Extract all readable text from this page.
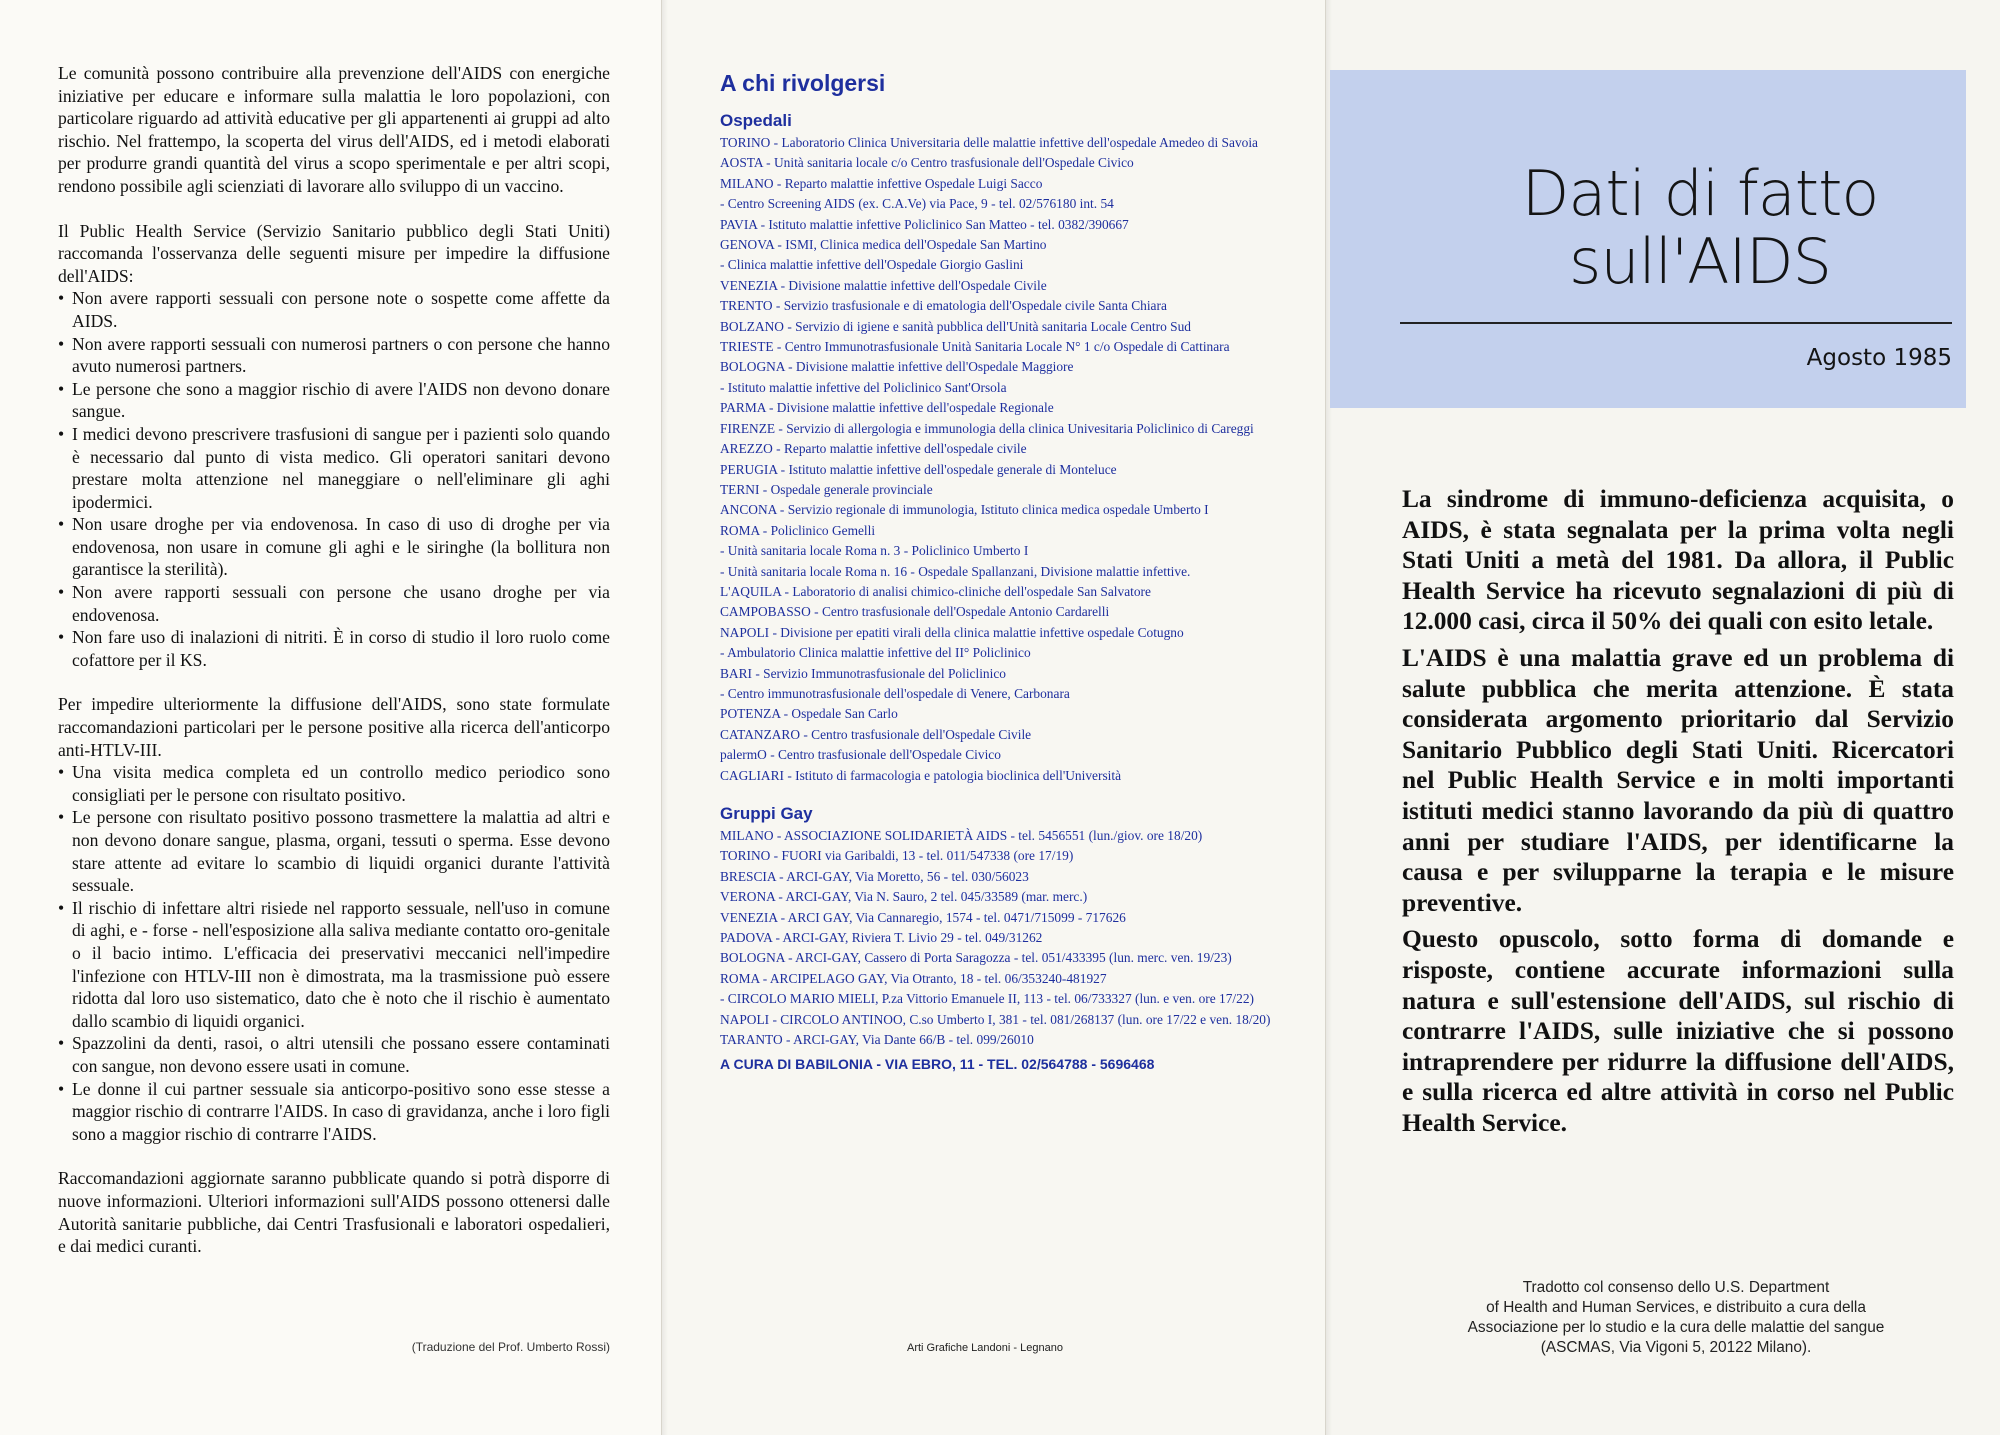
Le comunità possono contribuire alla prevenzione dell'AIDS con energiche iniziative per educare e informare sulla malattia le loro popolazioni, con particolare riguardo ad attività educative per gli appartenenti ai gruppi ad alto rischio. Nel frattempo, la scoperta del virus dell'AIDS, ed i metodi elaborati per produrre grandi quantità del virus a scopo sperimentale e per altri scopi, rendono possibile agli scienziati di lavorare allo sviluppo di un vaccino.

Il Public Health Service (Servizio Sanitario pubblico degli Stati Uniti) raccomanda l'osservanza delle seguenti misure per impedire la diffusione dell'AIDS:

• Non avere rapporti sessuali con persone note o sospette come affette da AIDS.
• Non avere rapporti sessuali con numerosi partners o con persone che hanno avuto numerosi partners.
• Le persone che sono a maggior rischio di avere l'AIDS non devono donare sangue.
• I medici devono prescrivere trasfusioni di sangue per i pazienti solo quando è necessario dal punto di vista medico. Gli operatori sanitari devono prestare molta attenzione nel maneggiare o nell'eliminare gli aghi ipodermici.
• Non usare droghe per via endovenosa. In caso di uso di droghe per via endovenosa, non usare in comune gli aghi e le siringhe (la bollitura non garantisce la sterilità).
• Non avere rapporti sessuali con persone che usano droghe per via endovenosa.
• Non fare uso di inalazioni di nitriti. È in corso di studio il loro ruolo come cofattore per il KS.

Per impedire ulteriormente la diffusione dell'AIDS, sono state formulate raccomandazioni particolari per le persone positive alla ricerca dell'anticorpo anti-HTLV-III.

• Una visita medica completa ed un controllo medico periodico sono consigliati per le persone con risultato positivo.
• Le persone con risultato positivo possono trasmettere la malattia ad altri e non devono donare sangue, plasma, organi, tessuti o sperma. Esse devono stare attente ad evitare lo scambio di liquidi organici durante l'attività sessuale.
• Il rischio di infettare altri risiede nel rapporto sessuale, nell'uso in comune di aghi, e - forse - nell'esposizione alla saliva mediante contatto oro-genitale o il bacio intimo. L'efficacia dei preservativi meccanici nell'impedire l'infezione con HTLV-III non è dimostrata, ma la trasmissione può essere ridotta dal loro uso sistematico, dato che è noto che il rischio è aumentato dallo scambio di liquidi organici.
• Spazzolini da denti, rasoi, o altri utensili che possano essere contaminati con sangue, non devono essere usati in comune.
• Le donne il cui partner sessuale sia anticorpo-positivo sono esse stesse a maggior rischio di contrarre l'AIDS. In caso di gravidanza, anche i loro figli sono a maggior rischio di contrarre l'AIDS.

Raccomandazioni aggiornate saranno pubblicate quando si potrà disporre di nuove informazioni. Ulteriori informazioni sull'AIDS possono ottenersi dalle Autorità sanitarie pubbliche, dai Centri Trasfusionali e laboratori ospedalieri, e dai medici curanti.

(Traduzione del Prof. Umberto Rossi)
A chi rivolgersi
Ospedali
TORINO - Laboratorio Clinica Universitaria delle malattie infettive dell'ospedale Amedeo di Savoia
AOSTA - Unità sanitaria locale c/o Centro trasfusionale dell'Ospedale Civico
MILANO - Reparto malattie infettive Ospedale Luigi Sacco
- Centro Screening AIDS (ex. C.A.Ve) via Pace, 9 - tel. 02/576180 int. 54
PAVIA - Istituto malattie infettive Policlinico San Matteo - tel. 0382/390667
GENOVA - ISMI, Clinica medica dell'Ospedale San Martino
- Clinica malattie infettive dell'Ospedale Giorgio Gaslini
VENEZIA - Divisione malattie infettive dell'Ospedale Civile
TRENTO - Servizio trasfusionale e di ematologia dell'Ospedale civile Santa Chiara
BOLZANO - Servizio di igiene e sanità pubblica dell'Unità sanitaria Locale Centro Sud
TRIESTE - Centro Immunotrasfusionale Unità Sanitaria Locale N° 1 c/o Ospedale di Cattinara
BOLOGNA - Divisione malattie infettive dell'Ospedale Maggiore
- Istituto malattie infettive del Policlinico Sant'Orsola
PARMA - Divisione malattie infettive dell'ospedale Regionale
FIRENZE - Servizio di allergologia e immunologia della clinica Univesitaria Policlinico di Careggi
AREZZO - Reparto malattie infettive dell'ospedale civile
PERUGIA - Istituto malattie infettive dell'ospedale generale di Monteluce
TERNI - Ospedale generale provinciale
ANCONA - Servizio regionale di immunologia, Istituto clinica medica ospedale Umberto I
ROMA - Policlinico Gemelli
- Unità sanitaria locale Roma n. 3 - Policlinico Umberto I
- Unità sanitaria locale Roma n. 16 - Ospedale Spallanzani, Divisione malattie infettive.
L'AQUILA - Laboratorio di analisi chimico-cliniche dell'ospedale San Salvatore
CAMPOBASSO - Centro trasfusionale dell'Ospedale Antonio Cardarelli
NAPOLI - Divisione per epatiti virali della clinica malattie infettive ospedale Cotugno
- Ambulatorio Clinica malattie infettive del II° Policlinico
BARI - Servizio Immunotrasfusionale del Policlinico
- Centro immunotrasfusionale dell'ospedale di Venere, Carbonara
POTENZA - Ospedale San Carlo
CATANZARO - Centro trasfusionale dell'Ospedale Civile
palermO - Centro trasfusionale dell'Ospedale Civico
CAGLIARI - Istituto di farmacologia e patologia bioclinica dell'Università
Gruppi Gay
MILANO - ASSOCIAZIONE SOLIDARIETÀ AIDS - tel. 5456551 (lun./giov. ore 18/20)
TORINO - FUORI via Garibaldi, 13 - tel. 011/547338 (ore 17/19)
BRESCIA - ARCI-GAY, Via Moretto, 56 - tel. 030/56023
VERONA - ARCI-GAY, Via N. Sauro, 2 tel. 045/33589 (mar. merc.)
VENEZIA - ARCI GAY, Via Cannaregio, 1574 - tel. 0471/715099 - 717626
PADOVA - ARCI-GAY, Riviera T. Livio 29 - tel. 049/31262
BOLOGNA - ARCI-GAY, Cassero di Porta Saragozza - tel. 051/433395 (lun. merc. ven. 19/23)
ROMA - ARCIPELAGO GAY, Via Otranto, 18 - tel. 06/353240-481927
- CIRCOLO MARIO MIELI, P.za Vittorio Emanuele II, 113 - tel. 06/733327 (lun. e ven. ore 17/22)
NAPOLI - CIRCOLO ANTINOO, C.so Umberto I, 381 - tel. 081/268137 (lun. ore 17/22 e ven. 18/20)
TARANTO - ARCI-GAY, Via Dante 66/B - tel. 099/26010
A CURA DI BABILONIA - VIA EBRO, 11 - TEL. 02/564788 - 5696468
Arti Grafiche Landoni - Legnano
Dati di fatto
sull'AIDS
Agosto 1985

La sindrome di immuno-deficienza acquisita, o AIDS, è stata segnalata per la prima volta negli Stati Uniti a metà del 1981. Da allora, il Public Health Service ha ricevuto segnalazioni di più di 12.000 casi, circa il 50% dei quali con esito letale.

L'AIDS è una malattia grave ed un problema di salute pubblica che merita attenzione. È stata considerata argomento prioritario dal Servizio Sanitario Pubblico degli Stati Uniti. Ricercatori nel Public Health Service e in molti importanti istituti medici stanno lavorando da più di quattro anni per studiare l'AIDS, per identificarne la causa e per svilupparne la terapia e le misure preventive.

Questo opuscolo, sotto forma di domande e risposte, contiene accurate informazioni sulla natura e sull'estensione dell'AIDS, sul rischio di contrarre l'AIDS, sulle iniziative che si possono intraprendere per ridurre la diffusione dell'AIDS, e sulla ricerca ed altre attività in corso nel Public Health Service.

Tradotto col consenso dello U.S. Department
of Health and Human Services, e distribuito a cura della
Associazione per lo studio e la cura delle malattie del sangue
(ASCMAS, Via Vigoni 5, 20122 Milano).
